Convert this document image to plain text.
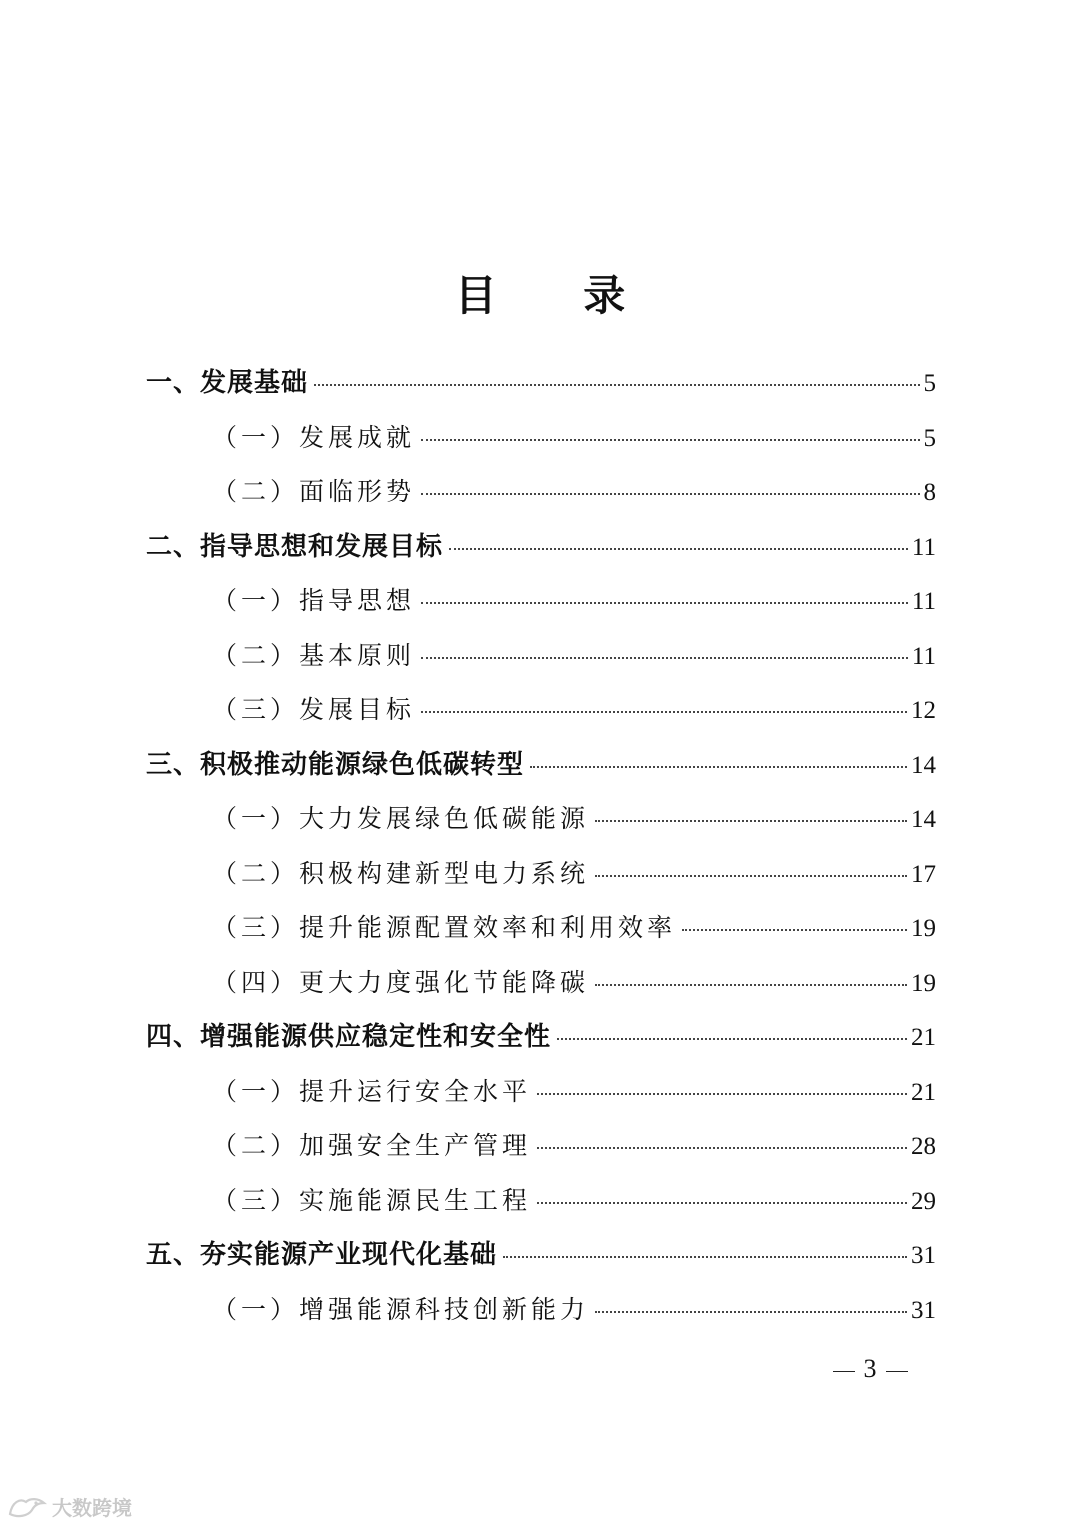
目 录
一、发展基础	5
（一）发展成就	5
（二）面临形势	8
二、指导思想和发展目标	11
（一）指导思想	11
（二）基本原则	11
（三）发展目标	12
三、积极推动能源绿色低碳转型	14
（一）大力发展绿色低碳能源	14
（二）积极构建新型电力系统	17
（三）提升能源配置效率和利用效率	19
（四）更大力度强化节能降碳	19
四、增强能源供应稳定性和安全性	21
（一）提升运行安全水平	21
（二）加强安全生产管理	28
（三）实施能源民生工程	29
五、夯实能源产业现代化基础	31
（一）增强能源科技创新能力	31
3
大数跨境
